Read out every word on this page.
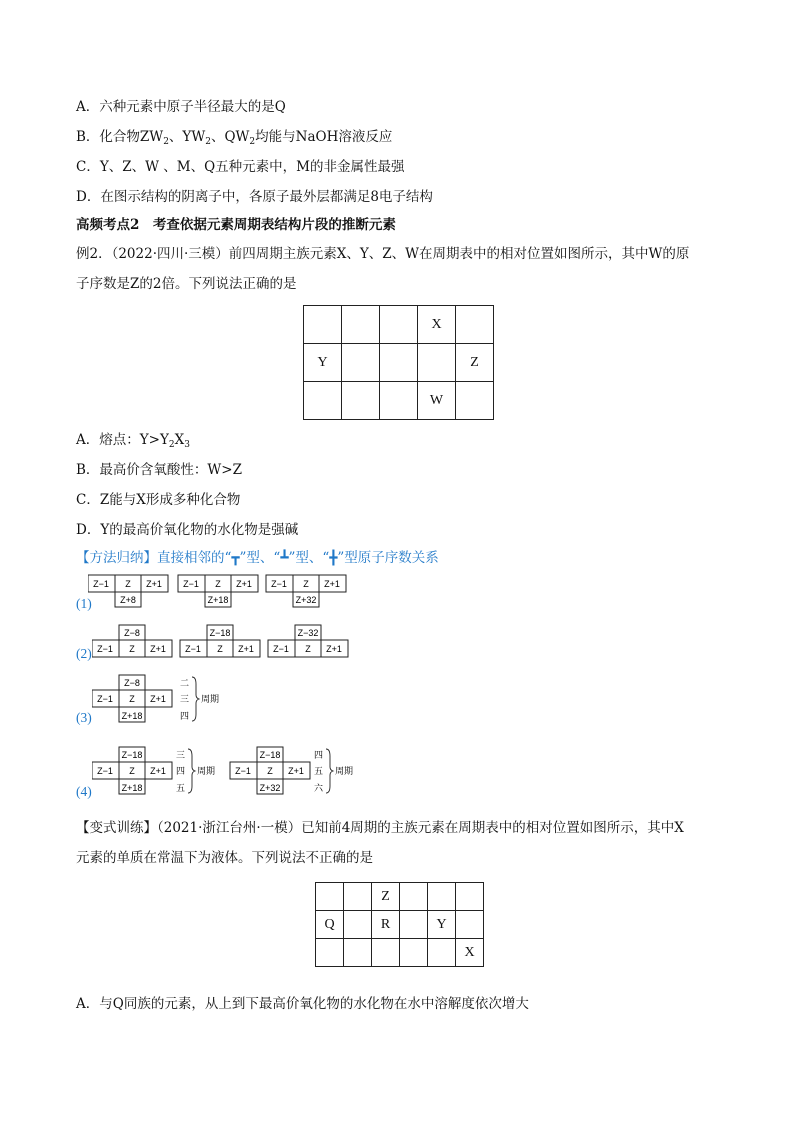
A．六种元素中原子半径最大的是Q
B．化合物$ZW_2$、$YW_2$、$QW_2$均能与NaOH溶液反应
C．Y、Z、W 、M、Q五种元素中，M的非金属性最强
D．在图示结构的阴离子中，各原子最外层都满足8电子结构
高频考点2　考查依据元素周期表结构片段的推断元素
例2．（2022·四川·三模）前四周期主族元素X、Y、Z、W在周期表中的相对位置如图所示，其中W的原
子序数是Z的2倍。下列说法正确的是
			X	
Y				Z
			W	
A．熔点：$Y>Y_2X_3$
B．最高价含氧酸性：W>Z
C．Z能与X形成多种化合物
D．Y的最高价氧化物的水化物是强碱
【方法归纳】直接相邻的“┳”型、“┻”型、“╋”型原子序数关系
(1)
Z−1 Z Z+1
Z+8
Z−1 Z Z+1
Z+18
Z−1 Z Z+1
Z+32
(2)
Z−8
Z−1 Z Z+1
Z−18
Z−1 Z Z+1
Z−32
Z−1 Z Z+1
(3)
Z−8
Z−1 Z Z+1
Z+18
二
三
四
周期
(4)
Z−18
Z−1 Z Z+1
Z+18
三
四
五
周期
Z−18
Z−1 Z Z+1
Z+32
四
五
六
周期
【变式训练】（2021·浙江台州·一模）已知前4周期的主族元素在周期表中的相对位置如图所示，其中X
元素的单质在常温下为液体。下列说法不正确的是
		Z			
Q		R		Y	
					X
A．与Q同族的元素，从上到下最高价氧化物的水化物在水中溶解度依次增大
